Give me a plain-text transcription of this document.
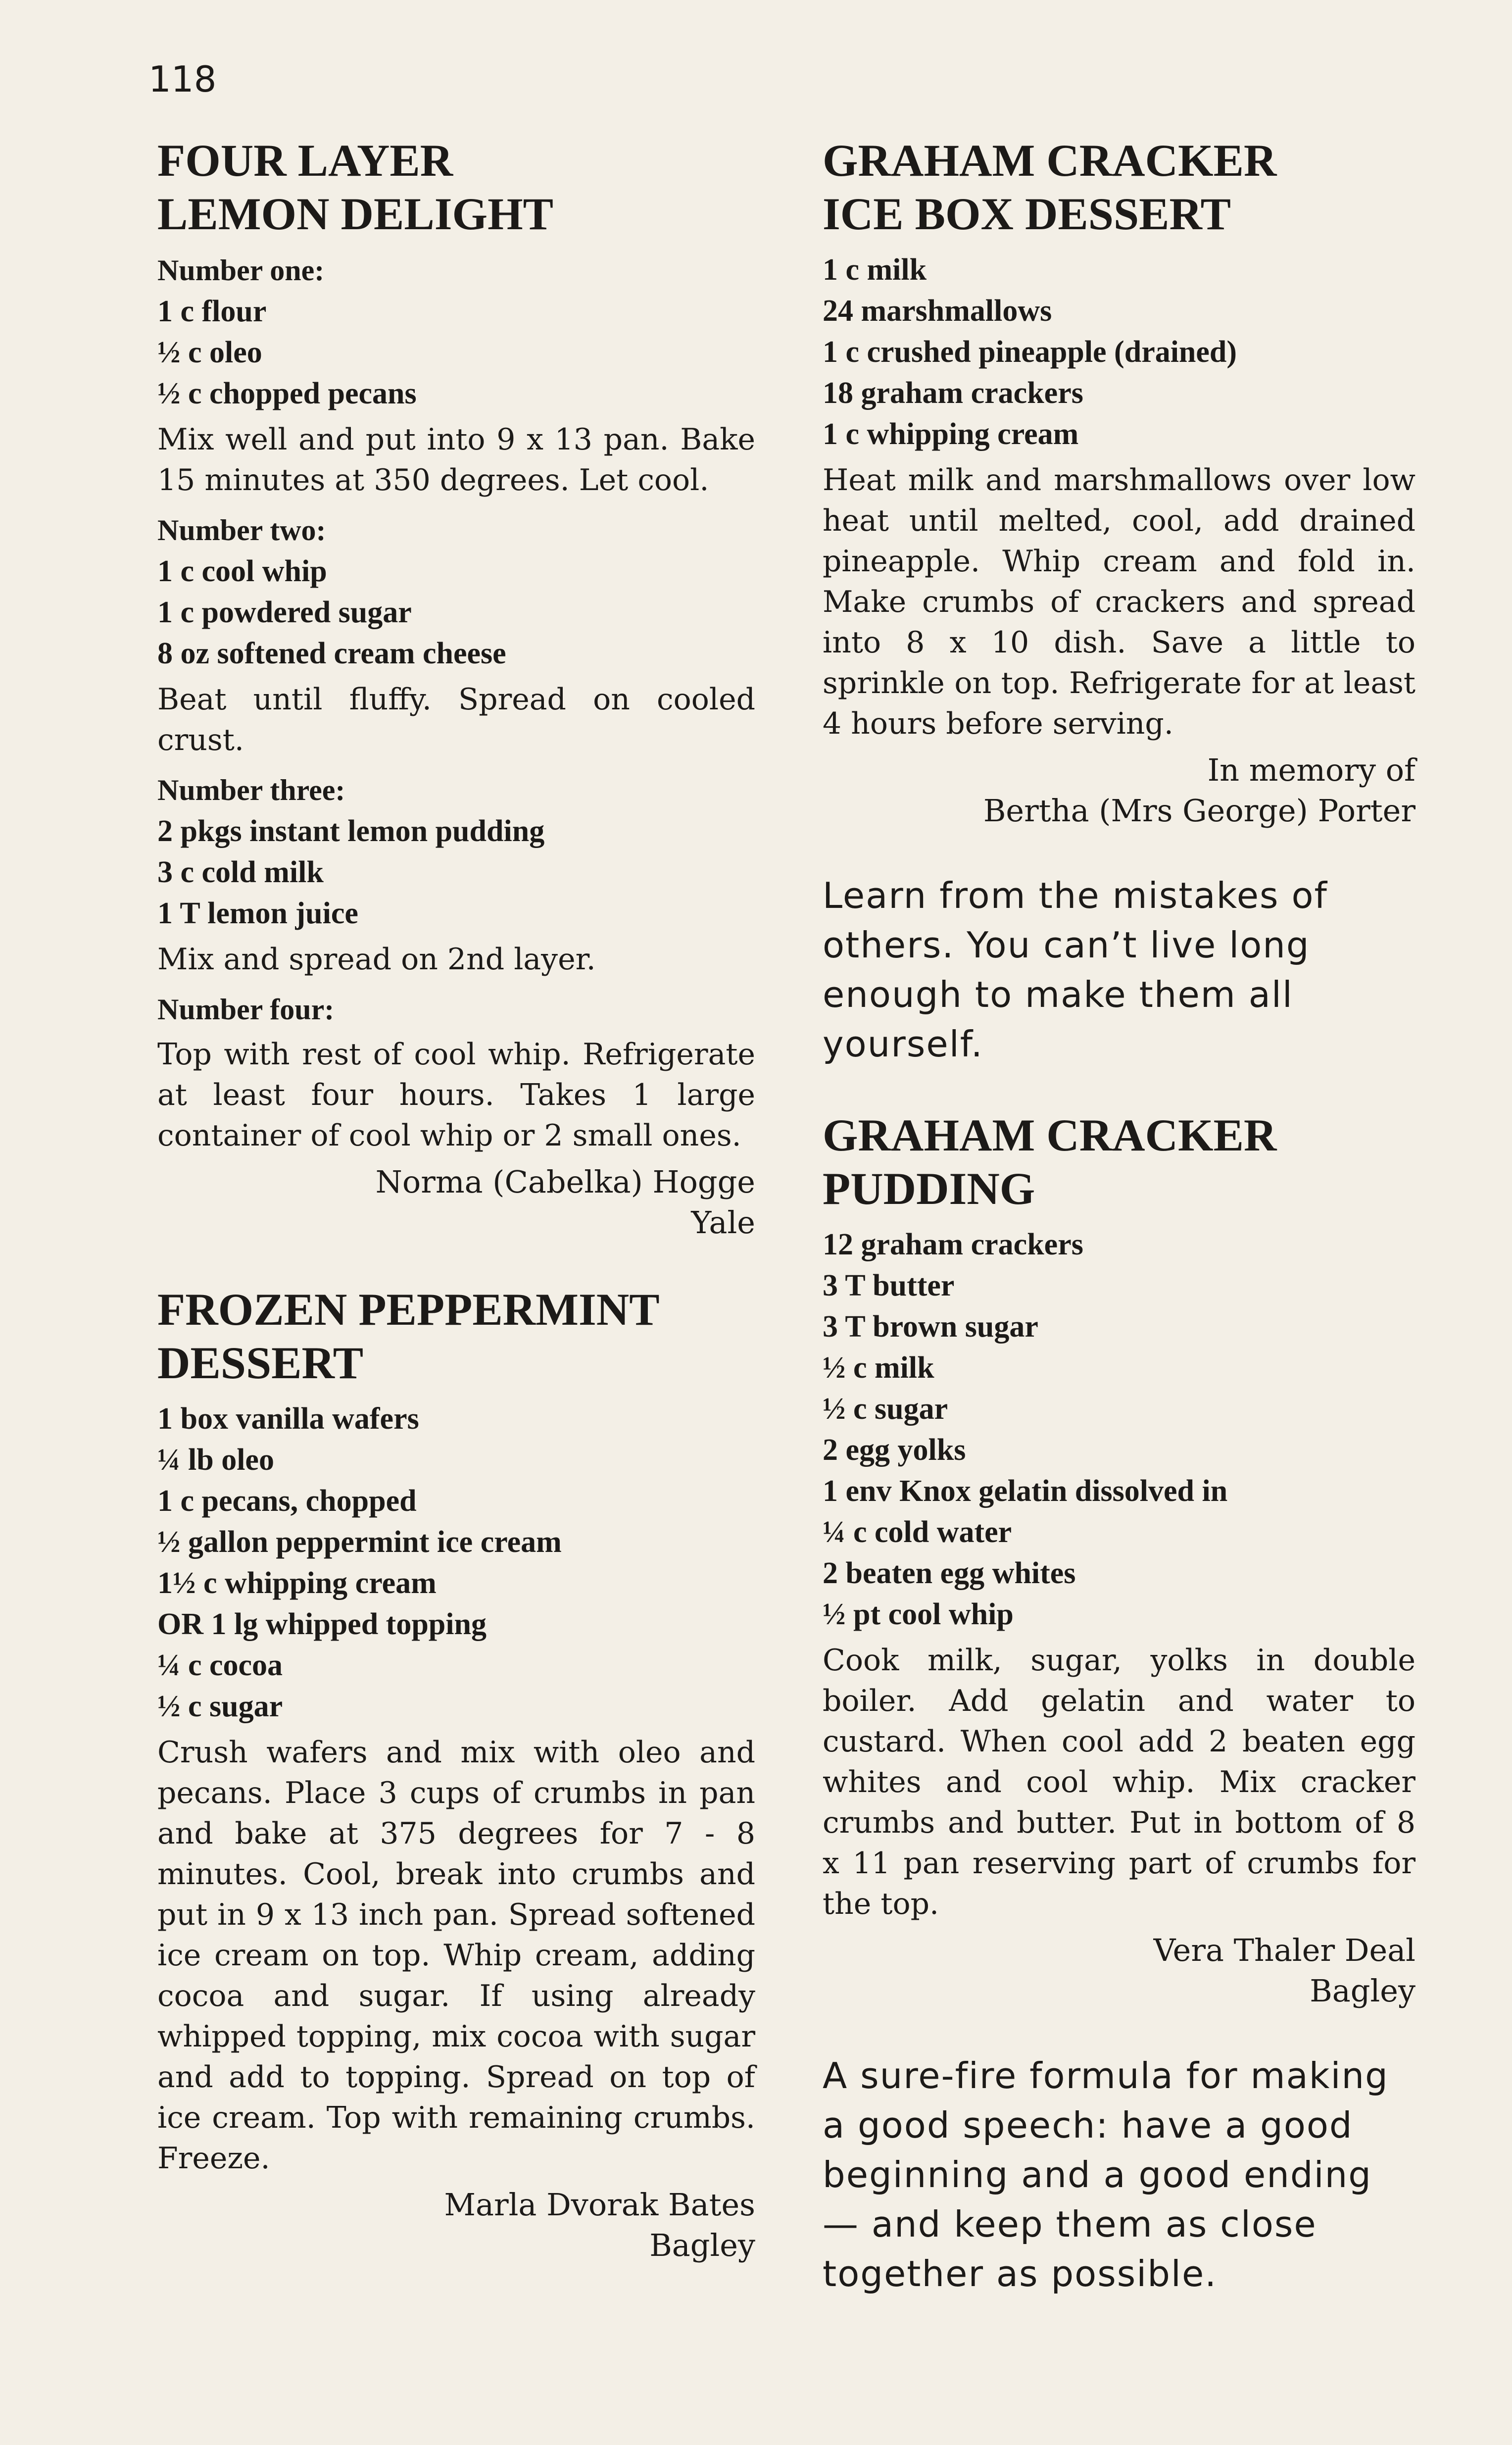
118

FOUR LAYER
LEMON DELIGHT
Number one:
1 c flour
½ c oleo
½ c chopped pecans

Mix well and put into 9 x 13 pan. Bake 15 minutes at 350 degrees. Let cool.

Number two:
1 c cool whip
1 c powdered sugar
8 oz softened cream cheese

Beat until fluffy. Spread on cooled crust.

Number three:
2 pkgs instant lemon pudding
3 c cold milk
1 T lemon juice

Mix and spread on 2nd layer.

Number four:

Top with rest of cool whip. Refrigerate at least four hours. Takes 1 large container of cool whip or 2 small ones.

Norma (Cabelka) Hogge
Yale

FROZEN PEPPERMINT
DESSERT
1 box vanilla wafers
¼ lb oleo
1 c pecans, chopped
½ gallon peppermint ice cream
1½ c whipping cream
OR 1 lg whipped topping
¼ c cocoa
½ c sugar

Crush wafers and mix with oleo and pecans. Place 3 cups of crumbs in pan and bake at 375 degrees for 7 - 8 minutes. Cool, break into crumbs and put in 9 x 13 inch pan. Spread softened ice cream on top. Whip cream, adding cocoa and sugar. If using already whipped topping, mix cocoa with sugar and add to topping. Spread on top of ice cream. Top with remaining crumbs. Freeze.

Marla Dvorak Bates
Bagley

GRAHAM CRACKER
ICE BOX DESSERT
1 c milk
24 marshmallows
1 c crushed pineapple (drained)
18 graham crackers
1 c whipping cream

Heat milk and marshmallows over low heat until melted, cool, add drained pineapple. Whip cream and fold in. Make crumbs of crackers and spread into 8 x 10 dish. Save a little to sprinkle on top. Refrigerate for at least 4 hours before serving.

In memory of
Bertha (Mrs George) Porter

Learn from the mistakes of others. You can’t live long enough to make them all yourself.

GRAHAM CRACKER
PUDDING
12 graham crackers
3 T butter
3 T brown sugar
½ c milk
½ c sugar
2 egg yolks
1 env Knox gelatin dissolved in
¼ c cold water
2 beaten egg whites
½ pt cool whip

Cook milk, sugar, yolks in double boiler. Add gelatin and water to custard. When cool add 2 beaten egg whites and cool whip. Mix cracker crumbs and butter. Put in bottom of 8 x 11 pan reserving part of crumbs for the top.

Vera Thaler Deal
Bagley

A sure-fire formula for making a good speech: have a good beginning and a good ending — and keep them as close together as possible.
